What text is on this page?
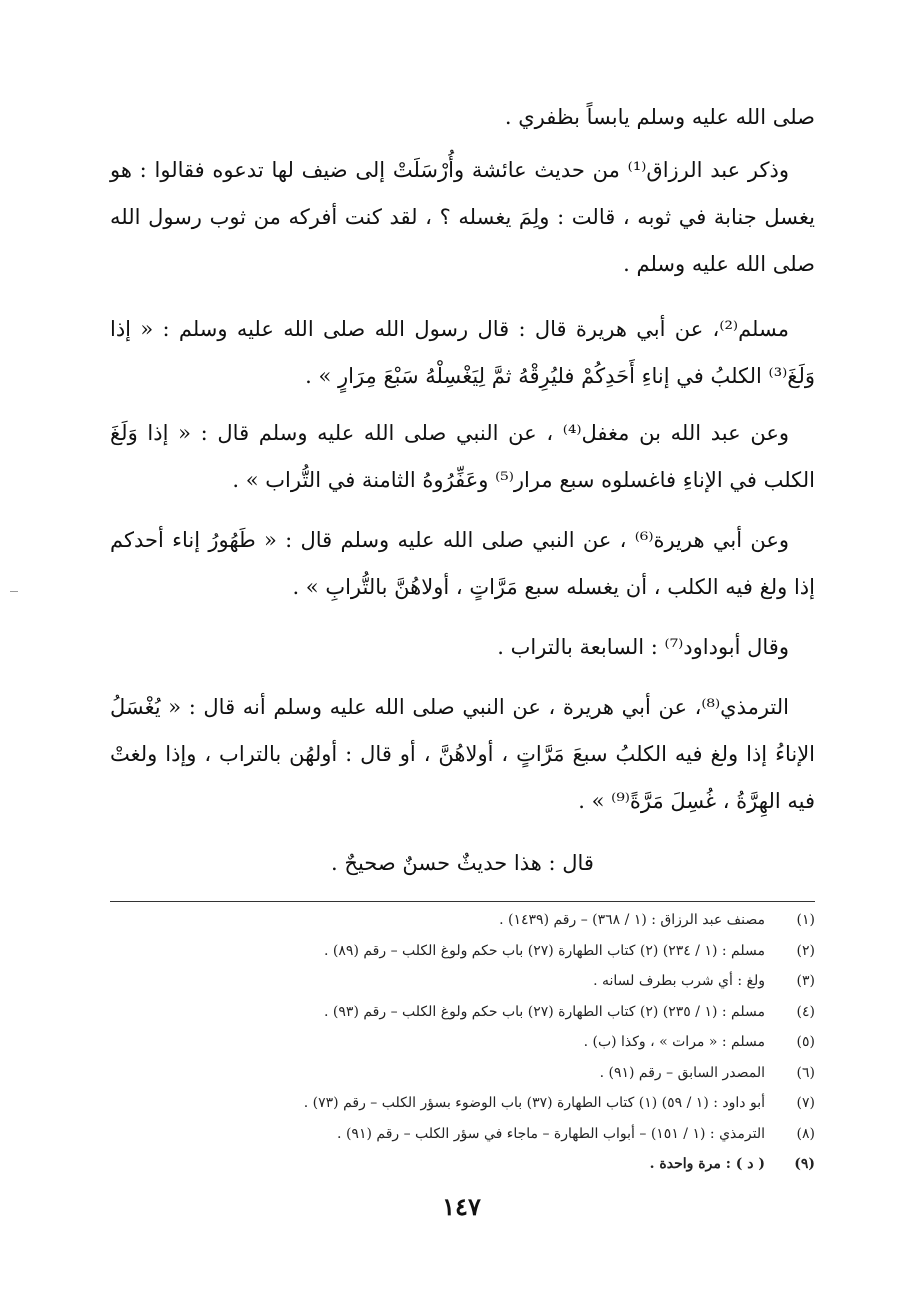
صلى الله عليه وسلم يابساً بظفري .

وذكر عبد الرزاق⁽¹⁾ من حديث عائشة وأُرْسَلَتْ إلى ضيف لها تدعوه فقالوا : هو يغسل جنابة في ثوبه ، قالت : ولِمَ يغسله ؟ ، لقد كنت أفركه من ثوب رسول الله صلى الله عليه وسلم .

مسلم⁽²⁾، عن أبي هريرة قال : قال رسول الله صلى الله عليه وسلم : « إذا وَلَغَ⁽³⁾ الكلبُ في إناءِ أَحَدِكُمْ فليُرِقْهُ ثمَّ لِيَغْسِلْهُ سَبْعَ مِرَارٍ » .

وعن عبد الله بن مغفل⁽⁴⁾ ، عن النبي صلى الله عليه وسلم قال : « إذا وَلَغَ الكلب في الإناءِ فاغسلوه سبع مرار⁽⁵⁾ وعَفِّرُوهُ الثامنة في التُّراب » .

وعن أبي هريرة⁽⁶⁾ ، عن النبي صلى الله عليه وسلم قال : « طَهُورُ إناء أحدكم إذا ولغ فيه الكلب ، أن يغسله سبع مَرَّاتٍ ، أولاهُنَّ بالتُّرابِ » .

وقال أبوداود⁽⁷⁾ : السابعة بالتراب .

الترمذي⁽⁸⁾، عن أبي هريرة ، عن النبي صلى الله عليه وسلم أنه قال : « يُغْسَلُ الإناءُ إذا ولغ فيه الكلبُ سبعَ مَرَّاتٍ ، أولاهُنَّ ، أو قال : أولهُن بالتراب ، وإذا ولغتْ فيه الهِرَّةُ ، غُسِلَ مَرَّةً⁽⁹⁾ » .

قال : هذا حديثٌ حسنٌ صحيحٌ .

(١)
مصنف عبد الرزاق : (١ / ٣٦٨) – رقم (١٤٣٩) .
(٢)
مسلم : (١ / ٢٣٤) (٢) كتاب الطهارة (٢٧) باب حكم ولوغ الكلب – رقم (٨٩) .
(٣)
ولغ : أي شرب بطرف لسانه .
(٤)
مسلم : (١ / ٢٣٥) (٢) كتاب الطهارة (٢٧) باب حكم ولوغ الكلب – رقم (٩٣) .
(٥)
مسلم : « مرات » ، وكذا (ب) .
(٦)
المصدر السابق – رقم (٩١) .
(٧)
أبو داود : (١ / ٥٩) (١) كتاب الطهارة (٣٧) باب الوضوء بسؤر الكلب – رقم (٧٣) .
(٨)
الترمذي : (١ / ١٥١) – أبواب الطهارة – ماجاء في سؤر الكلب – رقم (٩١) .
(٩)
( د ) : مرة واحدة .
١٤٧
